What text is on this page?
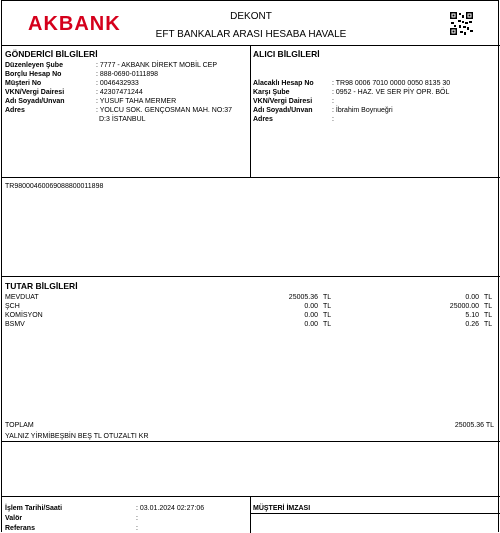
AKBANK	DEKONT
EFT BANKALAR ARASI HESABA HAVALE
GÖNDERİCİ BİLGİLERİ
Düzenleyen Şube	: 7777 - AKBANK DİREKT MOBİL CEP
Borçlu Hesap No	: 888-0690-0111898
Müşteri No	: 0046432933
VKN/Vergi Dairesi	: 42307471244
Adı Soyadı/Unvan	: YUSUF TAHA MERMER
Adres	: YOLCU SOK. GENÇOSMAN MAH. NO:37
D:3 İSTANBUL
ALICI BİLGİLERİ
Alacaklı Hesap No	: TR98 0006 7010 0000 0050 8135 30
Karşı Şube	: 0952 - HAZ. VE SER PİY OPR. BÖL
VKN/Vergi Dairesi	:
Adı Soyadı/Unvan	: İbrahim Boynueğri
Adres	:
TR98000460069088800011898
TUTAR BİLGİLERİ
MEVDUAT	25005.36 TL	0.00 TL
ŞCH	0.00 TL	25000.00 TL
KOMİSYON	0.00 TL	5.10 TL
BSMV	0.00 TL	0.26 TL
TOPLAM	25005.36 TL
YALNIZ YİRMİBEŞBİN BEŞ TL OTUZALTI KR
İşlem Tarihi/Saati	: 03.01.2024 02:27:06
Valör	:
Referans	:
MÜŞTERİ İMZASI
